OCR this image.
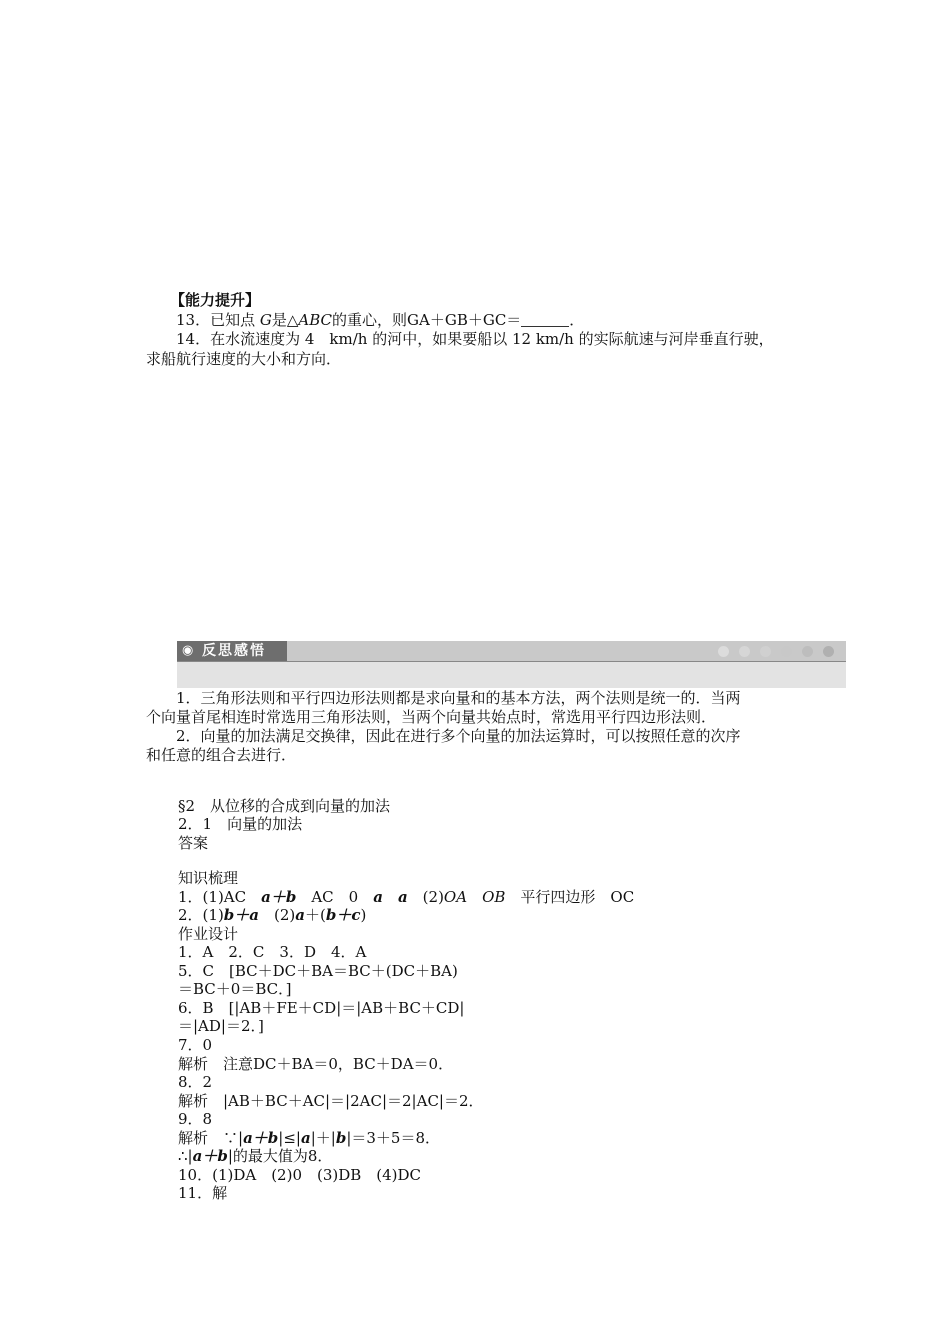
【能力提升】
13．已知点 G是△ABC的重心，则GA＋GB＋GC＝	．
14．在水流速度为 4　km/h 的河中，如果要船以 12 km/h 的实际航速与河岸垂直行驶，
求船航行速度的大小和方向．
◉ 反思感悟
1．三角形法则和平行四边形法则都是求向量和的基本方法，两个法则是统一的．当两
个向量首尾相连时常选用三角形法则，当两个向量共始点时，常选用平行四边形法则．
2．向量的加法满足交换律，因此在进行多个向量的加法运算时，可以按照任意的次序
和任意的组合去进行．
§2　从位移的合成到向量的加法
2．1　向量的加法
答案
知识梳理
1．(1)AC　a＋b　AC　0　a　 a　(2)OA　 OB　平行四边形　OC
2．(1)b＋a　(2)a＋(b＋c)
作业设计
1．A　2．C　3．D　4．A
5．C　[BC＋DC＋BA＝BC＋(DC＋BA)
＝BC＋0＝BC．]
6．B　[|AB＋FE＋CD|＝|AB＋BC＋CD|
＝|AD|＝2．]
7．0
解析　注意DC＋BA＝0，BC＋DA＝0．
8．2
解析　|AB＋BC＋AC|＝|2AC|＝2|AC|＝2．
9．8
解析　∵|a＋b|≤|a|＋|b|＝3＋5＝8．
∴|a＋b|的最大值为8．
10．(1)DA　(2)0　(3)DB　(4)DC
11．解
